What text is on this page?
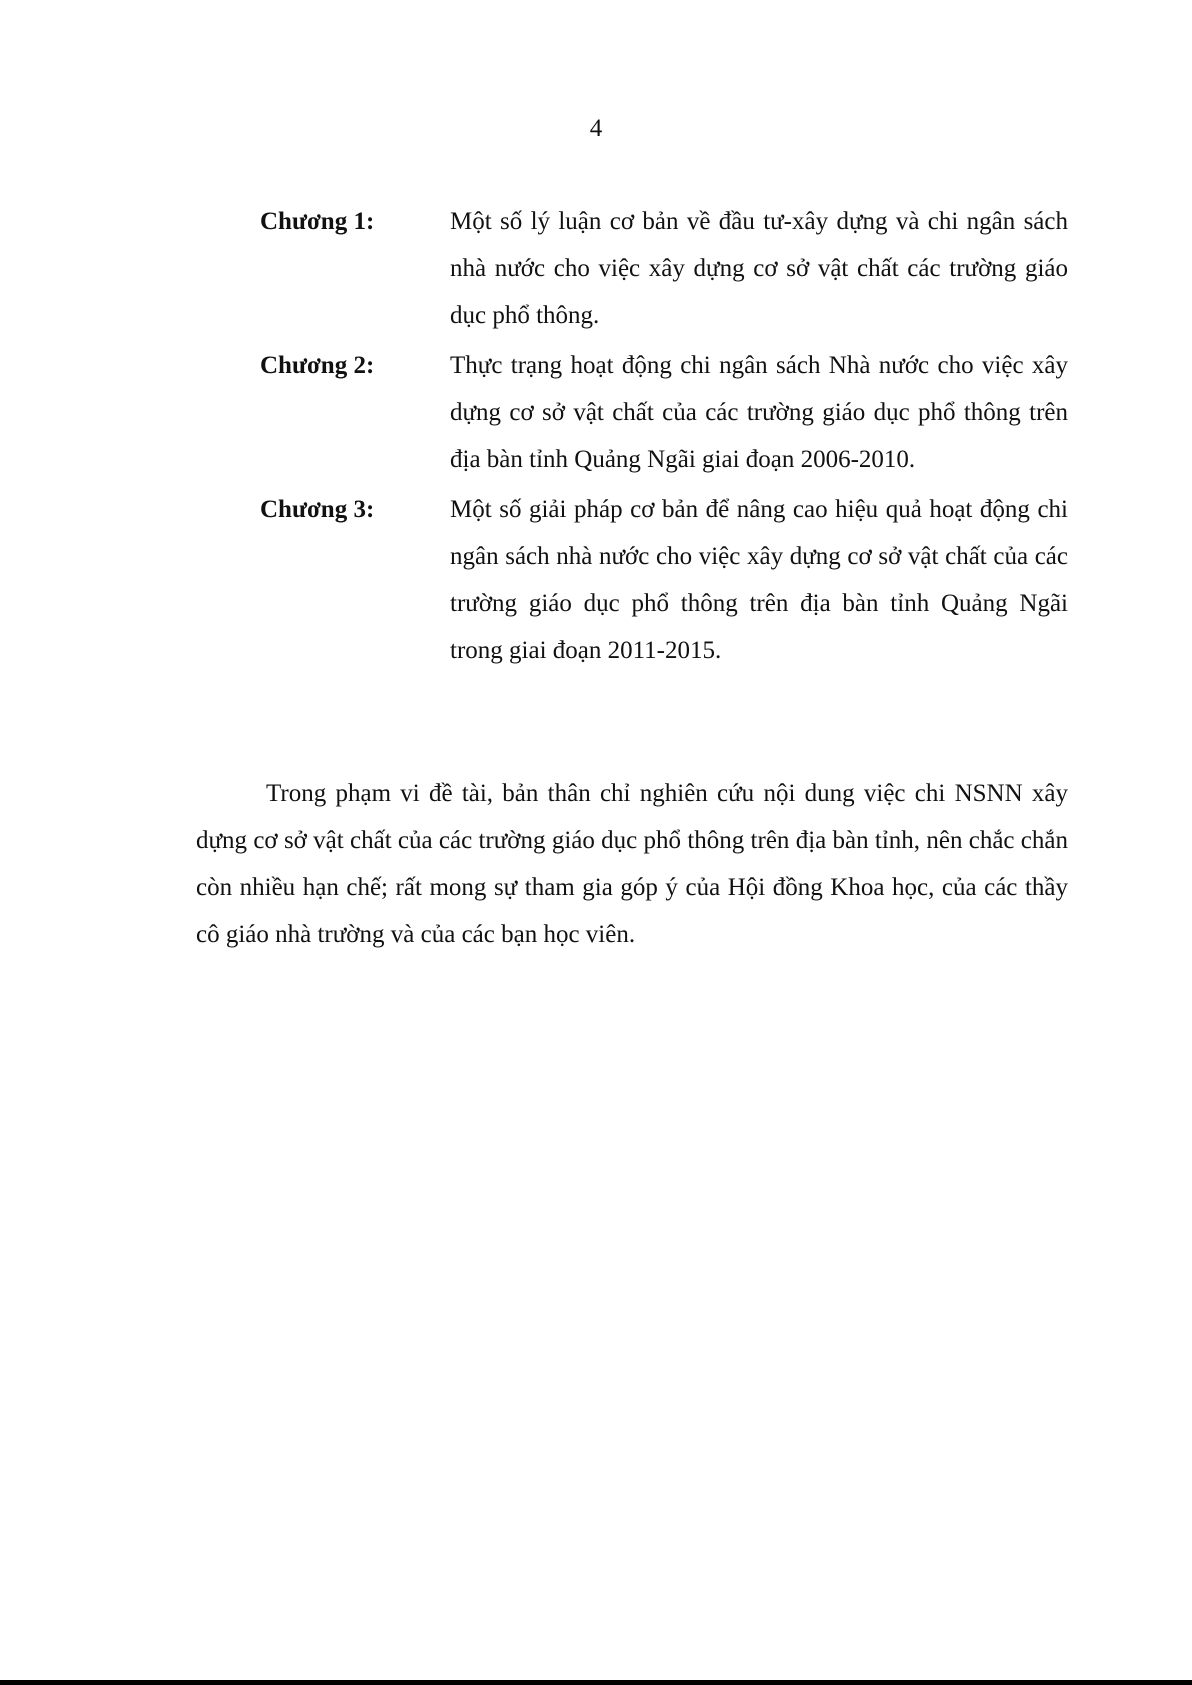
4
Chương 1:	Một số lý luận cơ bản về đầu tư-xây dựng và chi ngân sách nhà nước cho việc xây dựng cơ sở vật chất các trường giáo dục phổ thông.
Chương 2:	Thực trạng hoạt động chi ngân sách Nhà nước cho việc xây dựng cơ sở vật chất của các trường giáo dục phổ thông trên địa bàn tỉnh Quảng Ngãi giai đoạn 2006-2010.
Chương 3:	Một số giải pháp cơ bản để nâng cao hiệu quả hoạt động chi ngân sách nhà nước cho việc xây dựng cơ sở vật chất của các trường giáo dục phổ thông trên địa bàn tỉnh Quảng Ngãi trong giai đoạn 2011-2015.

Trong phạm vi đề tài, bản thân chỉ nghiên cứu nội dung việc chi NSNN xây dựng cơ sở vật chất của các trường giáo dục phổ thông trên địa bàn tỉnh, nên chắc chắn còn nhiều hạn chế; rất mong sự tham gia góp ý của Hội đồng Khoa học, của các thầy cô giáo nhà trường và của các bạn học viên.
